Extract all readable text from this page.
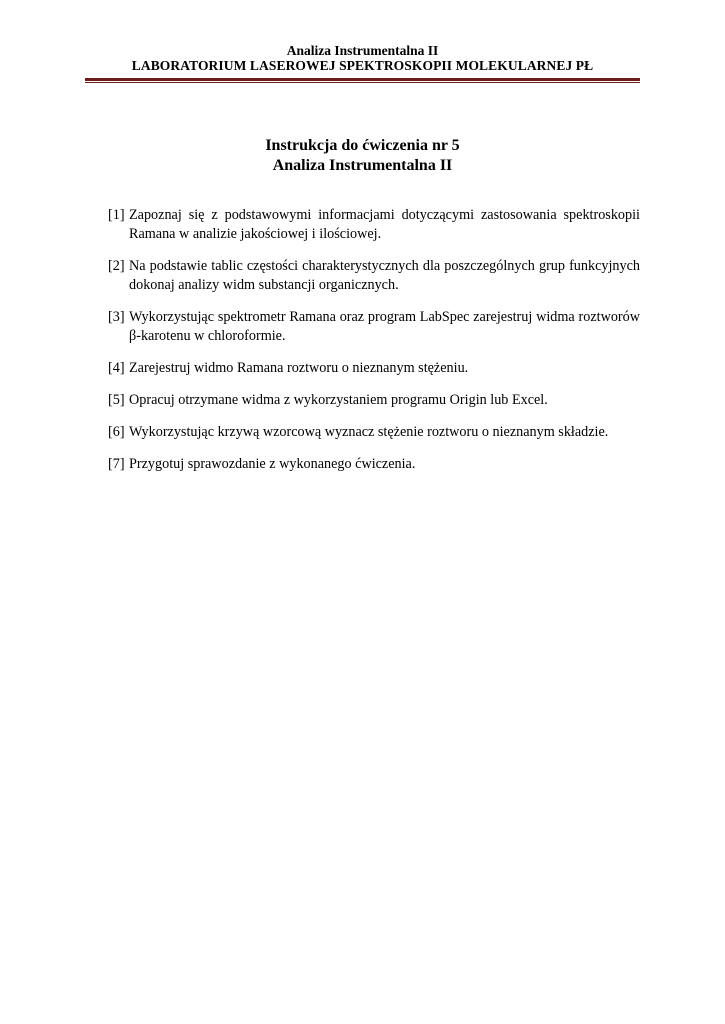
Analiza Instrumentalna II
LABORATORIUM LASEROWEJ SPEKTROSKOPII MOLEKULARNEJ PŁ
Instrukcja do ćwiczenia nr 5
Analiza Instrumentalna II
[1] Zapoznaj się z podstawowymi informacjami dotyczącymi zastosowania spektroskopii Ramana w analizie jakościowej i ilościowej.
[2] Na podstawie tablic częstości charakterystycznych dla poszczególnych grup funkcyjnych dokonaj analizy widm substancji organicznych.
[3] Wykorzystując spektrometr Ramana oraz program LabSpec zarejestruj widma roztworów β-karotenu w chloroformie.
[4] Zarejestruj widmo Ramana roztworu o nieznanym stężeniu.
[5] Opracuj otrzymane widma z wykorzystaniem programu Origin lub Excel.
[6] Wykorzystując krzywą wzorcową wyznacz stężenie roztworu o nieznanym składzie.
[7] Przygotuj sprawozdanie z wykonanego ćwiczenia.
